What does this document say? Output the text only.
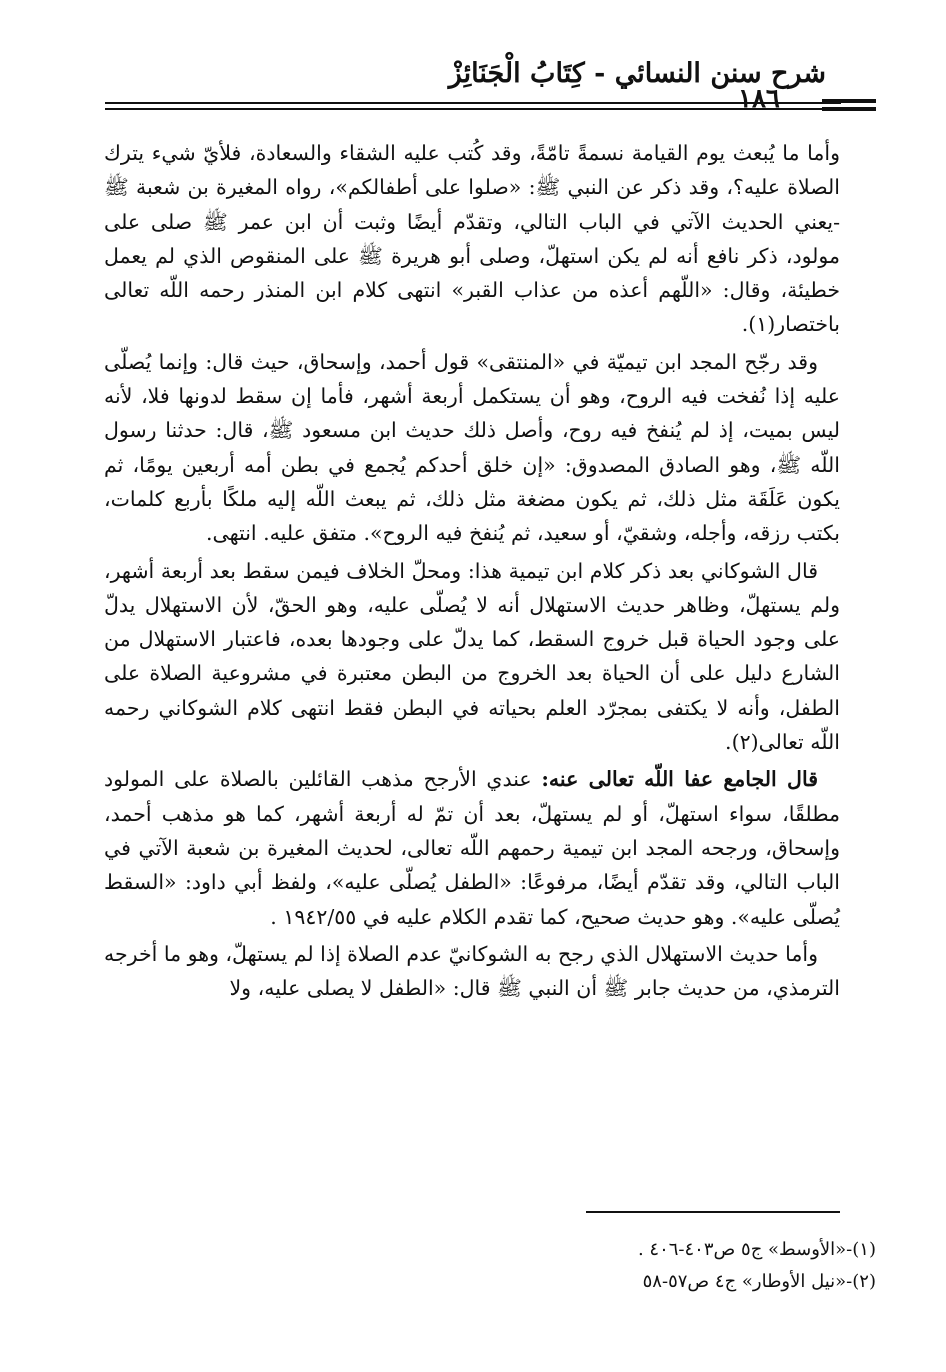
شرح سنن النسائي - كِتَابُ الْجَنَائِزْ
١٨٦

وأما ما يُبعث يوم القيامة نسمةً تامّةً، وقد كُتب عليه الشقاء والسعادة، فلأيّ شيء يترك الصلاة عليه؟، وقد ذكر عن النبي ﷺ: «صلوا على أطفالكم»، رواه المغيرة بن شعبة ﷺ -يعني الحديث الآتي في الباب التالي، وتقدّم أيضًا وثبت أن ابن عمر ﷺ صلى على مولود، ذكر نافع أنه لم يكن استهلّ، وصلى أبو هريرة ﷺ على المنقوص الذي لم يعمل خطيئة، وقال: «اللّهم أعذه من عذاب القبر» انتهى كلام ابن المنذر رحمه اللّه تعالى باختصار(١).

وقد رجّح المجد ابن تيميّة في «المنتقى» قول أحمد، وإسحاق، حيث قال: وإنما يُصلّى عليه إذا نُفخت فيه الروح، وهو أن يستكمل أربعة أشهر، فأما إن سقط لدونها فلا، لأنه ليس بميت، إذ لم يُنفخ فيه روح، وأصل ذلك حديث ابن مسعود ﷺ، قال: حدثنا رسول اللّه ﷺ، وهو الصادق المصدوق: «إن خلق أحدكم يُجمع في بطن أمه أربعين يومًا، ثم يكون عَلَقَة مثل ذلك، ثم يكون مضغة مثل ذلك، ثم يبعث اللّه إليه ملكًا بأربع كلمات، بكتب رزقه، وأجله، وشقيّ، أو سعيد، ثم يُنفخ فيه الروح». متفق عليه. انتهى.

قال الشوكاني بعد ذكر كلام ابن تيمية هذا: ومحلّ الخلاف فيمن سقط بعد أربعة أشهر، ولم يستهلّ، وظاهر حديث الاستهلال أنه لا يُصلّى عليه، وهو الحقّ، لأن الاستهلال يدلّ على وجود الحياة قبل خروج السقط، كما يدلّ على وجودها بعده، فاعتبار الاستهلال من الشارع دليل على أن الحياة بعد الخروج من البطن معتبرة في مشروعية الصلاة على الطفل، وأنه لا يكتفى بمجرّد العلم بحياته في البطن فقط انتهى كلام الشوكاني رحمه اللّه تعالى(٢).

قال الجامع عفا اللّه تعالى عنه: عندي الأرجح مذهب القائلين بالصلاة على المولود مطلقًا، سواء استهلّ، أو لم يستهلّ، بعد أن تمّ له أربعة أشهر، كما هو مذهب أحمد، وإسحاق، ورجحه المجد ابن تيمية رحمهم اللّه تعالى، لحديث المغيرة بن شعبة الآتي في الباب التالي، وقد تقدّم أيضًا، مرفوعًا: «الطفل يُصلّى عليه»، ولفظ أبي داود: «السقط يُصلّى عليه». وهو حديث صحيح، كما تقدم الكلام عليه في ١٩٤٢/٥٥ .

وأما حديث الاستهلال الذي رجح به الشوكانيّ عدم الصلاة إذا لم يستهلّ، وهو ما أخرجه الترمذي، من حديث جابر ﷺ أن النبي ﷺ قال: «الطفل لا يصلى عليه، ولا

(١)-«الأوسط» ج٥ ص٤٠٣-٤٠٦ .
(٢)-«نيل الأوطار» ج٤ ص٥٧-٥٨
